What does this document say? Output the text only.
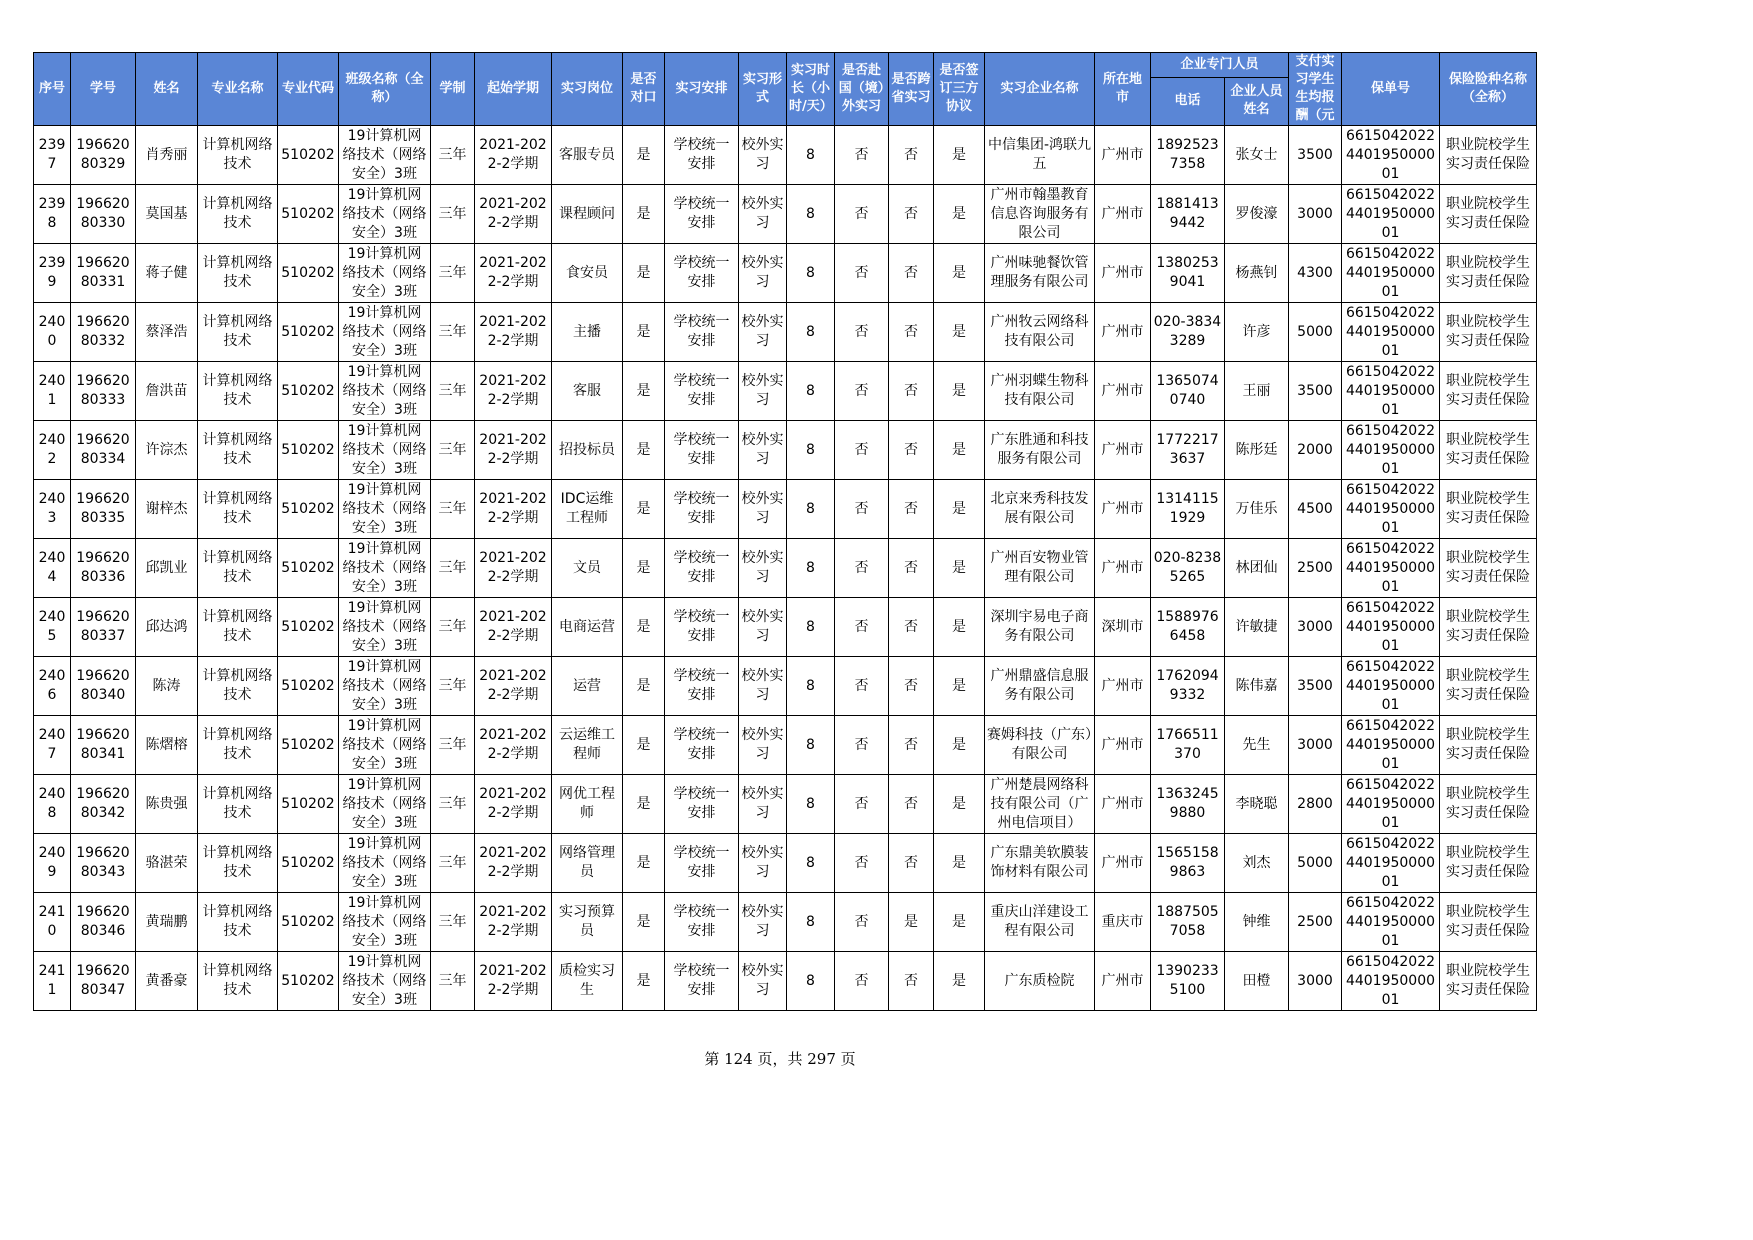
序号	学号	姓名	专业名称	专业代码	班级名称（全称）	学制	起始学期	实习岗位	是否对口	实习安排	实习形式	实习时长（小时/天）	是否赴国（境）外实习	是否跨省实习	是否签订三方协议	实习企业名称	所在地市	企业专门人员		支付实习学生生均报酬（元	保单号	保险险种名称（全称）
																		电话	企业人员姓名			

2397	19662080329	肖秀丽	计算机网络技术	510202	19计算机网络技术（网络安全）3班	三年	2021-2022-2学期	客服专员	是	学校统一安排	校外实习	8	否	否	是	中信集团-鸿联九五	广州市	18925237358	张女士	3500	6615042022440195000001	职业院校学生实习责任保险

2398	19662080330	莫国基	计算机网络技术	510202	19计算机网络技术（网络安全）3班	三年	2021-2022-2学期	课程顾问	是	学校统一安排	校外实习	8	否	否	是	广州市翰墨教育信息咨询服务有限公司	广州市	18814139442	罗俊濠	3000	6615042022440195000001	职业院校学生实习责任保险

2399	19662080331	蒋子健	计算机网络技术	510202	19计算机网络技术（网络安全）3班	三年	2021-2022-2学期	食安员	是	学校统一安排	校外实习	8	否	否	是	广州味驰餐饮管理服务有限公司	广州市	13802539041	杨燕钊	4300	6615042022440195000001	职业院校学生实习责任保险

2400	19662080332	蔡泽浩	计算机网络技术	510202	19计算机网络技术（网络安全）3班	三年	2021-2022-2学期	主播	是	学校统一安排	校外实习	8	否	否	是	广州牧云网络科技有限公司	广州市	020-38343289	许彦	5000	6615042022440195000001	职业院校学生实习责任保险

2401	19662080333	詹洪苗	计算机网络技术	510202	19计算机网络技术（网络安全）3班	三年	2021-2022-2学期	客服	是	学校统一安排	校外实习	8	否	否	是	广州羽蝶生物科技有限公司	广州市	13650740740	王丽	3500	6615042022440195000001	职业院校学生实习责任保险

2402	19662080334	许淙杰	计算机网络技术	510202	19计算机网络技术（网络安全）3班	三年	2021-2022-2学期	招投标员	是	学校统一安排	校外实习	8	否	否	是	广东胜通和科技服务有限公司	广州市	17722173637	陈彤廷	2000	6615042022440195000001	职业院校学生实习责任保险

2403	19662080335	谢梓杰	计算机网络技术	510202	19计算机网络技术（网络安全）3班	三年	2021-2022-2学期	IDC运维工程师	是	学校统一安排	校外实习	8	否	否	是	北京来秀科技发展有限公司	广州市	13141151929	万佳乐	4500	6615042022440195000001	职业院校学生实习责任保险

2404	19662080336	邱凯业	计算机网络技术	510202	19计算机网络技术（网络安全）3班	三年	2021-2022-2学期	文员	是	学校统一安排	校外实习	8	否	否	是	广州百安物业管理有限公司	广州市	020-82385265	林团仙	2500	6615042022440195000001	职业院校学生实习责任保险

2405	19662080337	邱达鸿	计算机网络技术	510202	19计算机网络技术（网络安全）3班	三年	2021-2022-2学期	电商运营	是	学校统一安排	校外实习	8	否	否	是	深圳宇易电子商务有限公司	深圳市	15889766458	许敏捷	3000	6615042022440195000001	职业院校学生实习责任保险

2406	19662080340	陈涛	计算机网络技术	510202	19计算机网络技术（网络安全）3班	三年	2021-2022-2学期	运营	是	学校统一安排	校外实习	8	否	否	是	广州鼎盛信息服务有限公司	广州市	17620949332	陈伟嘉	3500	6615042022440195000001	职业院校学生实习责任保险

2407	19662080341	陈熠榕	计算机网络技术	510202	19计算机网络技术（网络安全）3班	三年	2021-2022-2学期	云运维工程师	是	学校统一安排	校外实习	8	否	否	是	赛姆科技（广东）有限公司	广州市	1766511370	先生	3000	6615042022440195000001	职业院校学生实习责任保险

2408	19662080342	陈贵强	计算机网络技术	510202	19计算机网络技术（网络安全）3班	三年	2021-2022-2学期	网优工程师	是	学校统一安排	校外实习	8	否	否	是	广州楚晨网络科技有限公司（广州电信项目）	广州市	13632459880	李晓聪	2800	6615042022440195000001	职业院校学生实习责任保险

2409	19662080343	骆湛荣	计算机网络技术	510202	19计算机网络技术（网络安全）3班	三年	2021-2022-2学期	网络管理员	是	学校统一安排	校外实习	8	否	否	是	广东鼎美软膜装饰材料有限公司	广州市	15651589863	刘杰	5000	6615042022440195000001	职业院校学生实习责任保险

2410	19662080346	黄瑞鹏	计算机网络技术	510202	19计算机网络技术（网络安全）3班	三年	2021-2022-2学期	实习预算员	是	学校统一安排	校外实习	8	否	是	是	重庆山洋建设工程有限公司	重庆市	18875057058	钟维	2500	6615042022440195000001	职业院校学生实习责任保险

2411	19662080347	黄番豪	计算机网络技术	510202	19计算机网络技术（网络安全）3班	三年	2021-2022-2学期	质检实习生	是	学校统一安排	校外实习	8	否	否	是	广东质检院	广州市	13902335100	田橙	3000	6615042022440195000001	职业院校学生实习责任保险
第 124 页，共 297 页
